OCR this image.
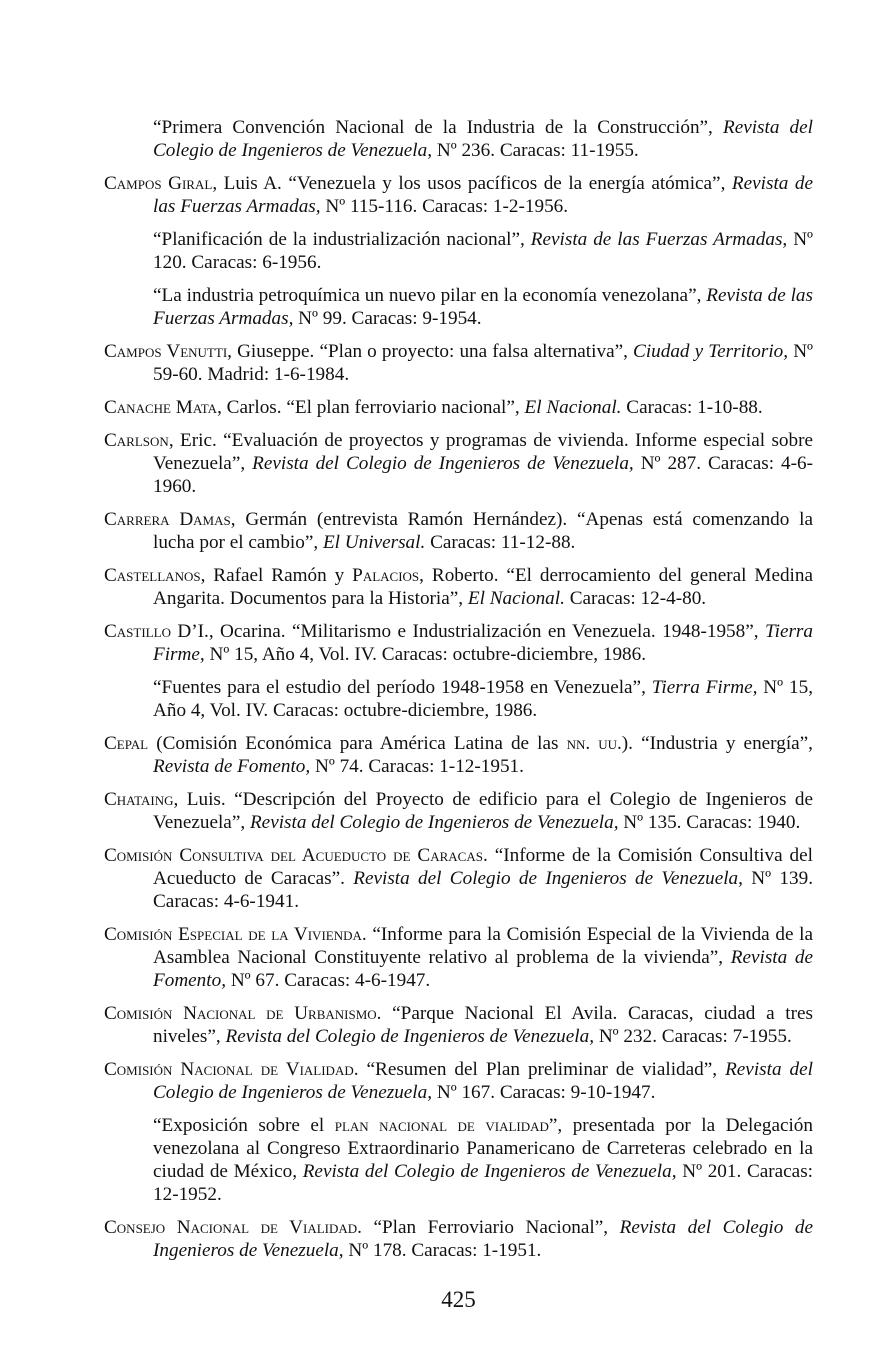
“Primera Convención Nacional de la Industria de la Construcción”, Revista del Colegio de Ingenieros de Venezuela, Nº 236. Caracas: 11-1955.

Campos Giral, Luis A. “Venezuela y los usos pacíficos de la energía atómica”, Revista de las Fuerzas Armadas, Nº 115-116. Caracas: 1-2-1956.

“Planificación de la industrialización nacional”, Revista de las Fuerzas Armadas, Nº 120. Caracas: 6-1956.

“La industria petroquímica un nuevo pilar en la economía venezolana”, Revista de las Fuerzas Armadas, Nº 99. Caracas: 9-1954.

Campos Venutti, Giuseppe. “Plan o proyecto: una falsa alternativa”, Ciudad y Territorio, Nº 59-60. Madrid: 1-6-1984.

Canache Mata, Carlos. “El plan ferroviario nacional”, El Nacional. Caracas: 1-10-88.

Carlson, Eric. “Evaluación de proyectos y programas de vivienda. Informe especial sobre Venezuela”, Revista del Colegio de Ingenieros de Venezuela, Nº 287. Caracas: 4-6-1960.

Carrera Damas, Germán (entrevista Ramón Hernández). “Apenas está comenzando la lucha por el cambio”, El Universal. Caracas: 11-12-88.

Castellanos, Rafael Ramón y Palacios, Roberto. “El derrocamiento del general Medina Angarita. Documentos para la Historia”, El Nacional. Caracas: 12-4-80.

Castillo D’I., Ocarina. “Militarismo e Industrialización en Venezuela. 1948-1958”, Tierra Firme, Nº 15, Año 4, Vol. IV. Caracas: octubre-diciembre, 1986.

“Fuentes para el estudio del período 1948-1958 en Venezuela”, Tierra Firme, Nº 15, Año 4, Vol. IV. Caracas: octubre-diciembre, 1986.

Cepal (Comisión Económica para América Latina de las nn. uu.). “Industria y energía”, Revista de Fomento, Nº 74. Caracas: 1-12-1951.

Chataing, Luis. “Descripción del Proyecto de edificio para el Colegio de Ingenieros de Venezuela”, Revista del Colegio de Ingenieros de Venezuela, Nº 135. Caracas: 1940.

Comisión Consultiva del Acueducto de Caracas. “Informe de la Comisión Consultiva del Acueducto de Caracas”. Revista del Colegio de Ingenieros de Venezuela, Nº 139. Caracas: 4-6-1941.

Comisión Especial de la Vivienda. “Informe para la Comisión Especial de la Vivienda de la Asamblea Nacional Constituyente relativo al problema de la vivienda”, Revista de Fomento, Nº 67. Caracas: 4-6-1947.

Comisión Nacional de Urbanismo. “Parque Nacional El Avila. Caracas, ciudad a tres niveles”, Revista del Colegio de Ingenieros de Venezuela, Nº 232. Caracas: 7-1955.

Comisión Nacional de Vialidad. “Resumen del Plan preliminar de vialidad”, Revista del Colegio de Ingenieros de Venezuela, Nº 167. Caracas: 9-10-1947.

“Exposición sobre el plan nacional de vialidad”, presentada por la Delegación venezolana al Congreso Extraordinario Panamericano de Carreteras celebrado en la ciudad de México, Revista del Colegio de Ingenieros de Venezuela, Nº 201. Caracas: 12-1952.

Consejo Nacional de Vialidad. “Plan Ferroviario Nacional”, Revista del Colegio de Ingenieros de Venezuela, Nº 178. Caracas: 1-1951.

425
